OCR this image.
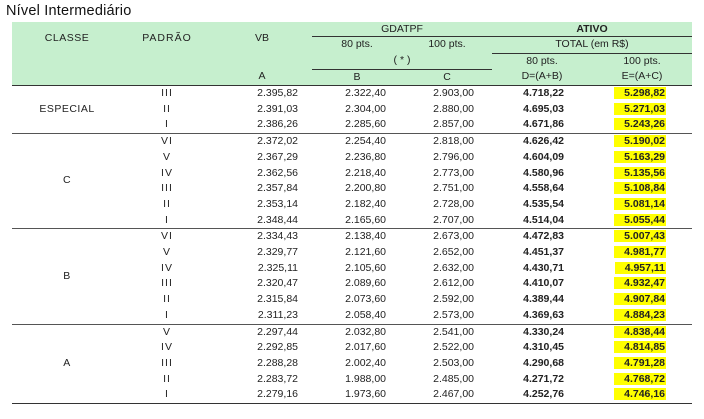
Nível Intermediário
CLASSE	PADRÃO	VB	GDATPF		ATIVO	
			80 pts.	100 pts.	TOTAL (em R$)	
			( * )		80 pts.	100 pts.
		A	B	C	D=(A+B)	E=(A+C)
ESPECIAL	III	2.395,82	2.322,40	2.903,00	4.718,22	5.298,82
	II	2.391,03	2.304,00	2.880,00	4.695,03	5.271,03
	I	2.386,26	2.285,60	2.857,00	4.671,86	5.243,26
C	VI	2.372,02	2.254,40	2.818,00	4.626,42	5.190,02
	V	2.367,29	2.236,80	2.796,00	4.604,09	5.163,29
	IV	2.362,56	2.218,40	2.773,00	4.580,96	5.135,56
	III	2.357,84	2.200,80	2.751,00	4.558,64	5.108,84
	II	2.353,14	2.182,40	2.728,00	4.535,54	5.081,14
	I	2.348,44	2.165,60	2.707,00	4.514,04	5.055,44
B	VI	2.334,43	2.138,40	2.673,00	4.472,83	5.007,43
	V	2.329,77	2.121,60	2.652,00	4.451,37	4.981,77
	IV	2.325,11	2.105,60	2.632,00	4.430,71	4.957,11
	III	2.320,47	2.089,60	2.612,00	4.410,07	4.932,47
	II	2.315,84	2.073,60	2.592,00	4.389,44	4.907,84
	I	2.311,23	2.058,40	2.573,00	4.369,63	4.884,23
A	V	2.297,44	2.032,80	2.541,00	4.330,24	4.838,44
	IV	2.292,85	2.017,60	2.522,00	4.310,45	4.814,85
	III	2.288,28	2.002,40	2.503,00	4.290,68	4.791,28
	II	2.283,72	1.988,00	2.485,00	4.271,72	4.768,72
	I	2.279,16	1.973,60	2.467,00	4.252,76	4.746,16
